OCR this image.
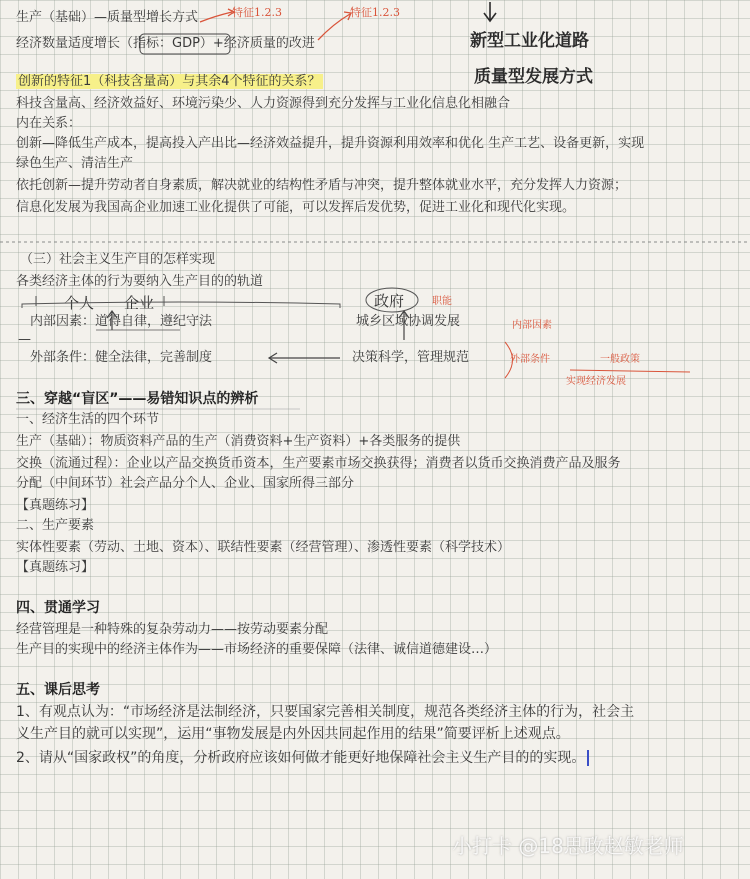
生产（基础）—质量型增长方式
经济数量适度增长（指标：GDP）+经济质量的改进
创新的特征1（科技含量高）与其余4个特征的关系？
科技含量高、经济效益好、环境污染少、人力资源得到充分发挥与工业化信息化相融合
内在关系：
创新—降低生产成本，提高投入产出比—经济效益提升，提升资源利用效率和优化 生产工艺、设备更新，实现
绿色生产、清洁生产
依托创新—提升劳动者自身素质，解决就业的结构性矛盾与冲突，提升整体就业水平，充分发挥人力资源；
信息化发展为我国高企业加速工业化提供了可能，可以发挥后发优势，促进工业化和现代化实现。
（三）社会主义生产目的怎样实现
各类经济主体的行为要纳入生产目的的轨道
内部因素：道得自律，遵纪守法	城乡区域协调发展
—
外部条件：健全法律，完善制度	决策科学，管理规范
三、穿越“盲区”——易错知识点的辨析
一、经济生活的四个环节
生产（基础）：物质资料产品的生产（消费资料+生产资料）+各类服务的提供
交换（流通过程）：企业以产品交换货币资本，生产要素市场交换获得；消费者以货币交换消费产品及服务
分配（中间环节）社会产品分个人、企业、国家所得三部分
【真题练习】
二、生产要素
实体性要素（劳动、土地、资本）、联结性要素（经营管理）、渗透性要素（科学技术）
【真题练习】
四、贯通学习
经营管理是一种特殊的复杂劳动力——按劳动要素分配
生产目的实现中的经济主体作为——市场经济的重要保障（法律、诚信道德建设…）
五、课后思考
1、有观点认为：“市场经济是法制经济，只要国家完善相关制度，规范各类经济主体的行为，社会主
义生产目的就可以实现”，运用“事物发展是内外因共同起作用的结果”简要评析上述观点。
2、请从“国家政权”的角度，分析政府应该如何做才能更好地保障社会主义生产目的的实现。
新型工业化道路
质量型发展方式
特征1.2.3	特征1.2.3
个人 企业	政府	职能
内部因素
外部条件	一般政策
实现经济发展
小打卡 @18思政赵敏老师
